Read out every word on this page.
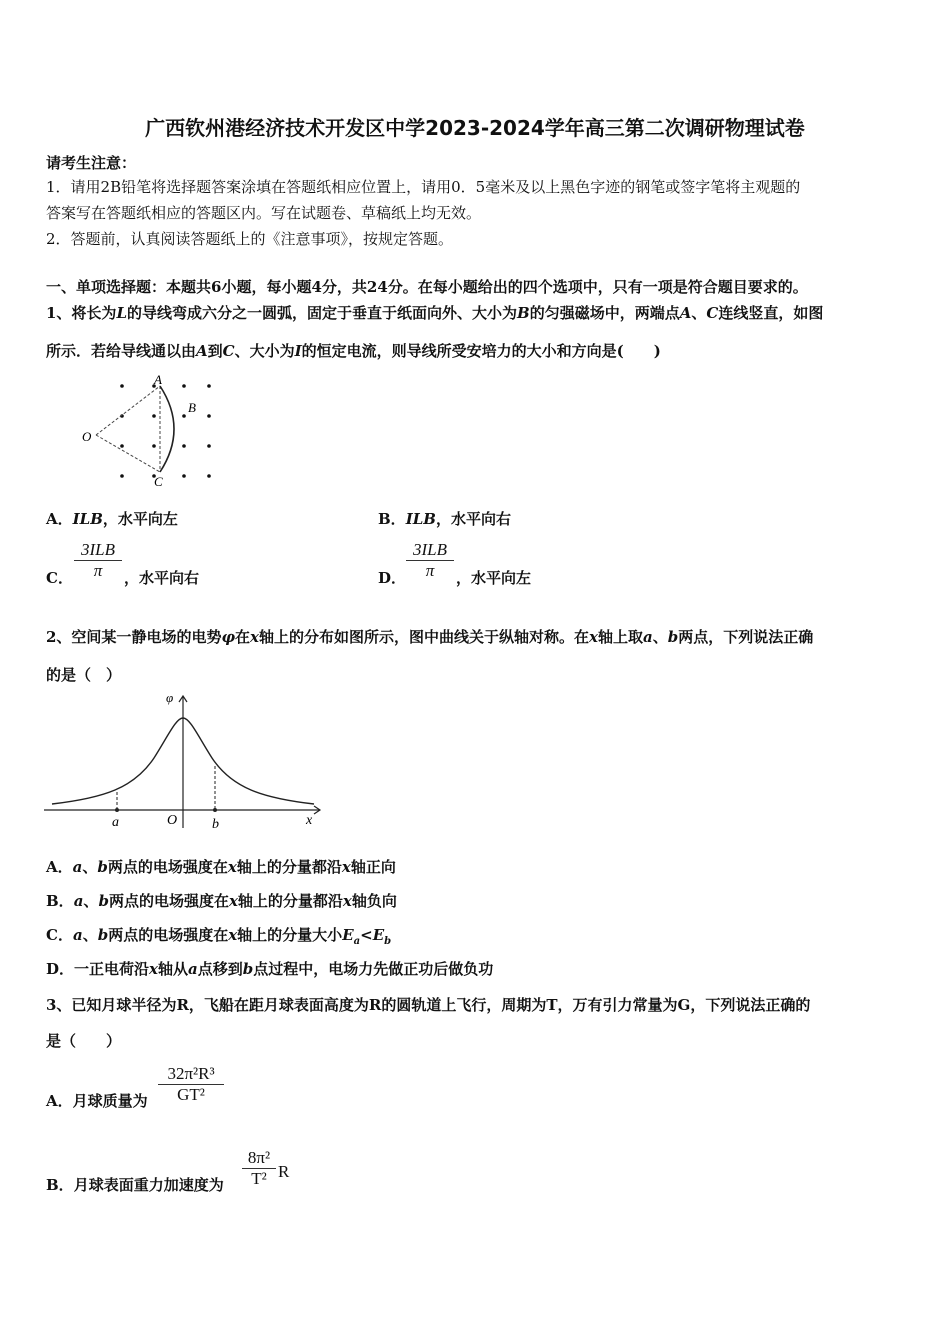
广西钦州港经济技术开发区中学2023-2024学年高三第二次调研物理试卷
请考生注意：
1．请用2B铅笔将选择题答案涂填在答题纸相应位置上，请用0．5毫米及以上黑色字迹的钢笔或签字笔将主观题的
答案写在答题纸相应的答题区内。写在试题卷、草稿纸上均无效。
2．答题前，认真阅读答题纸上的《注意事项》，按规定答题。
一、单项选择题：本题共6小题，每小题4分，共24分。在每小题给出的四个选项中，只有一项是符合题目要求的。
1、将长为L的导线弯成六分之一圆弧，固定于垂直于纸面向外、大小为B的匀强磁场中，两端点A、C连线竖直，如图
所示．若给导线通以由A到C、大小为I的恒定电流，则导线所受安培力的大小和方向是(　　)
A
B
C
O
A．ILB，水平向左	B．ILB，水平向右
C．
3ILB
π	，水平向右	D．
3ILB
π	，水平向左
2、空间某一静电场的电势φ在x轴上的分布如图所示，图中曲线关于纵轴对称。在x轴上取a、b两点，下列说法正确
的是（　）
φ
a	O b	x
A．a、b两点的电场强度在x轴上的分量都沿x轴正向
B．a、b两点的电场强度在x轴上的分量都沿x轴负向
C．a、b两点的电场强度在x轴上的分量大小$E_a<E_b$
D．一正电荷沿x轴从a点移到b点过程中，电场力先做正功后做负功
3、已知月球半径为R，飞船在距月球表面高度为R的圆轨道上飞行，周期为T，万有引力常量为G，下列说法正确的
是（　　）
A．月球质量为 $\frac{\text{32π²R³}}{\text{GT²}}$
B．月球表面重力加速度为 $\frac{\text{8π²}}{\text{T²}}$ R
